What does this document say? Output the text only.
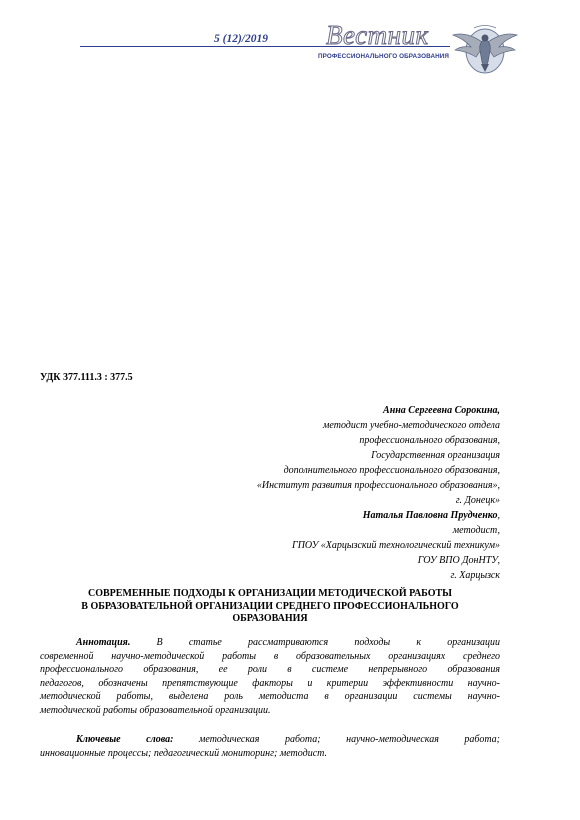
5 (12)/2019 Вестник
ПРОФЕССИОНАЛЬНОГО ОБРАЗОВАНИЯ
УДК 377.111.3 : 377.5
Анна Сергеевна Сорокина,
методист учебно-методического отдела
профессионального образования,
Государственная организация
дополнительного профессионального образования,
«Институт развития профессионального образования»,
г. Донецк»
Наталья Павловна Прудченко,
методист,
ГПОУ «Харцызский технологический техникум»
ГОУ ВПО ДонНТУ,
г. Харцызск
СОВРЕМЕННЫЕ ПОДХОДЫ К ОРГАНИЗАЦИИ МЕТОДИЧЕСКОЙ РАБОТЫ
В ОБРАЗОВАТЕЛЬНОЙ ОРГАНИЗАЦИИ СРЕДНЕГО ПРОФЕССИОНАЛЬНОГО
ОБРАЗОВАНИЯ
Аннотация.	В статье рассматриваются подходы к организации
современной научно-методической работы в образовательных организациях среднего
профессионального образования, ее роли в системе непрерывного образования
педагогов, обозначены препятствующие факторы и критерии эффективности научно-
методической работы, выделена роль методиста в организации системы научно-
методической работы образовательной организации.
Ключевые слова:	методическая работа; научно-методическая работа;
инновационные процессы; педагогический мониторинг; методист.
